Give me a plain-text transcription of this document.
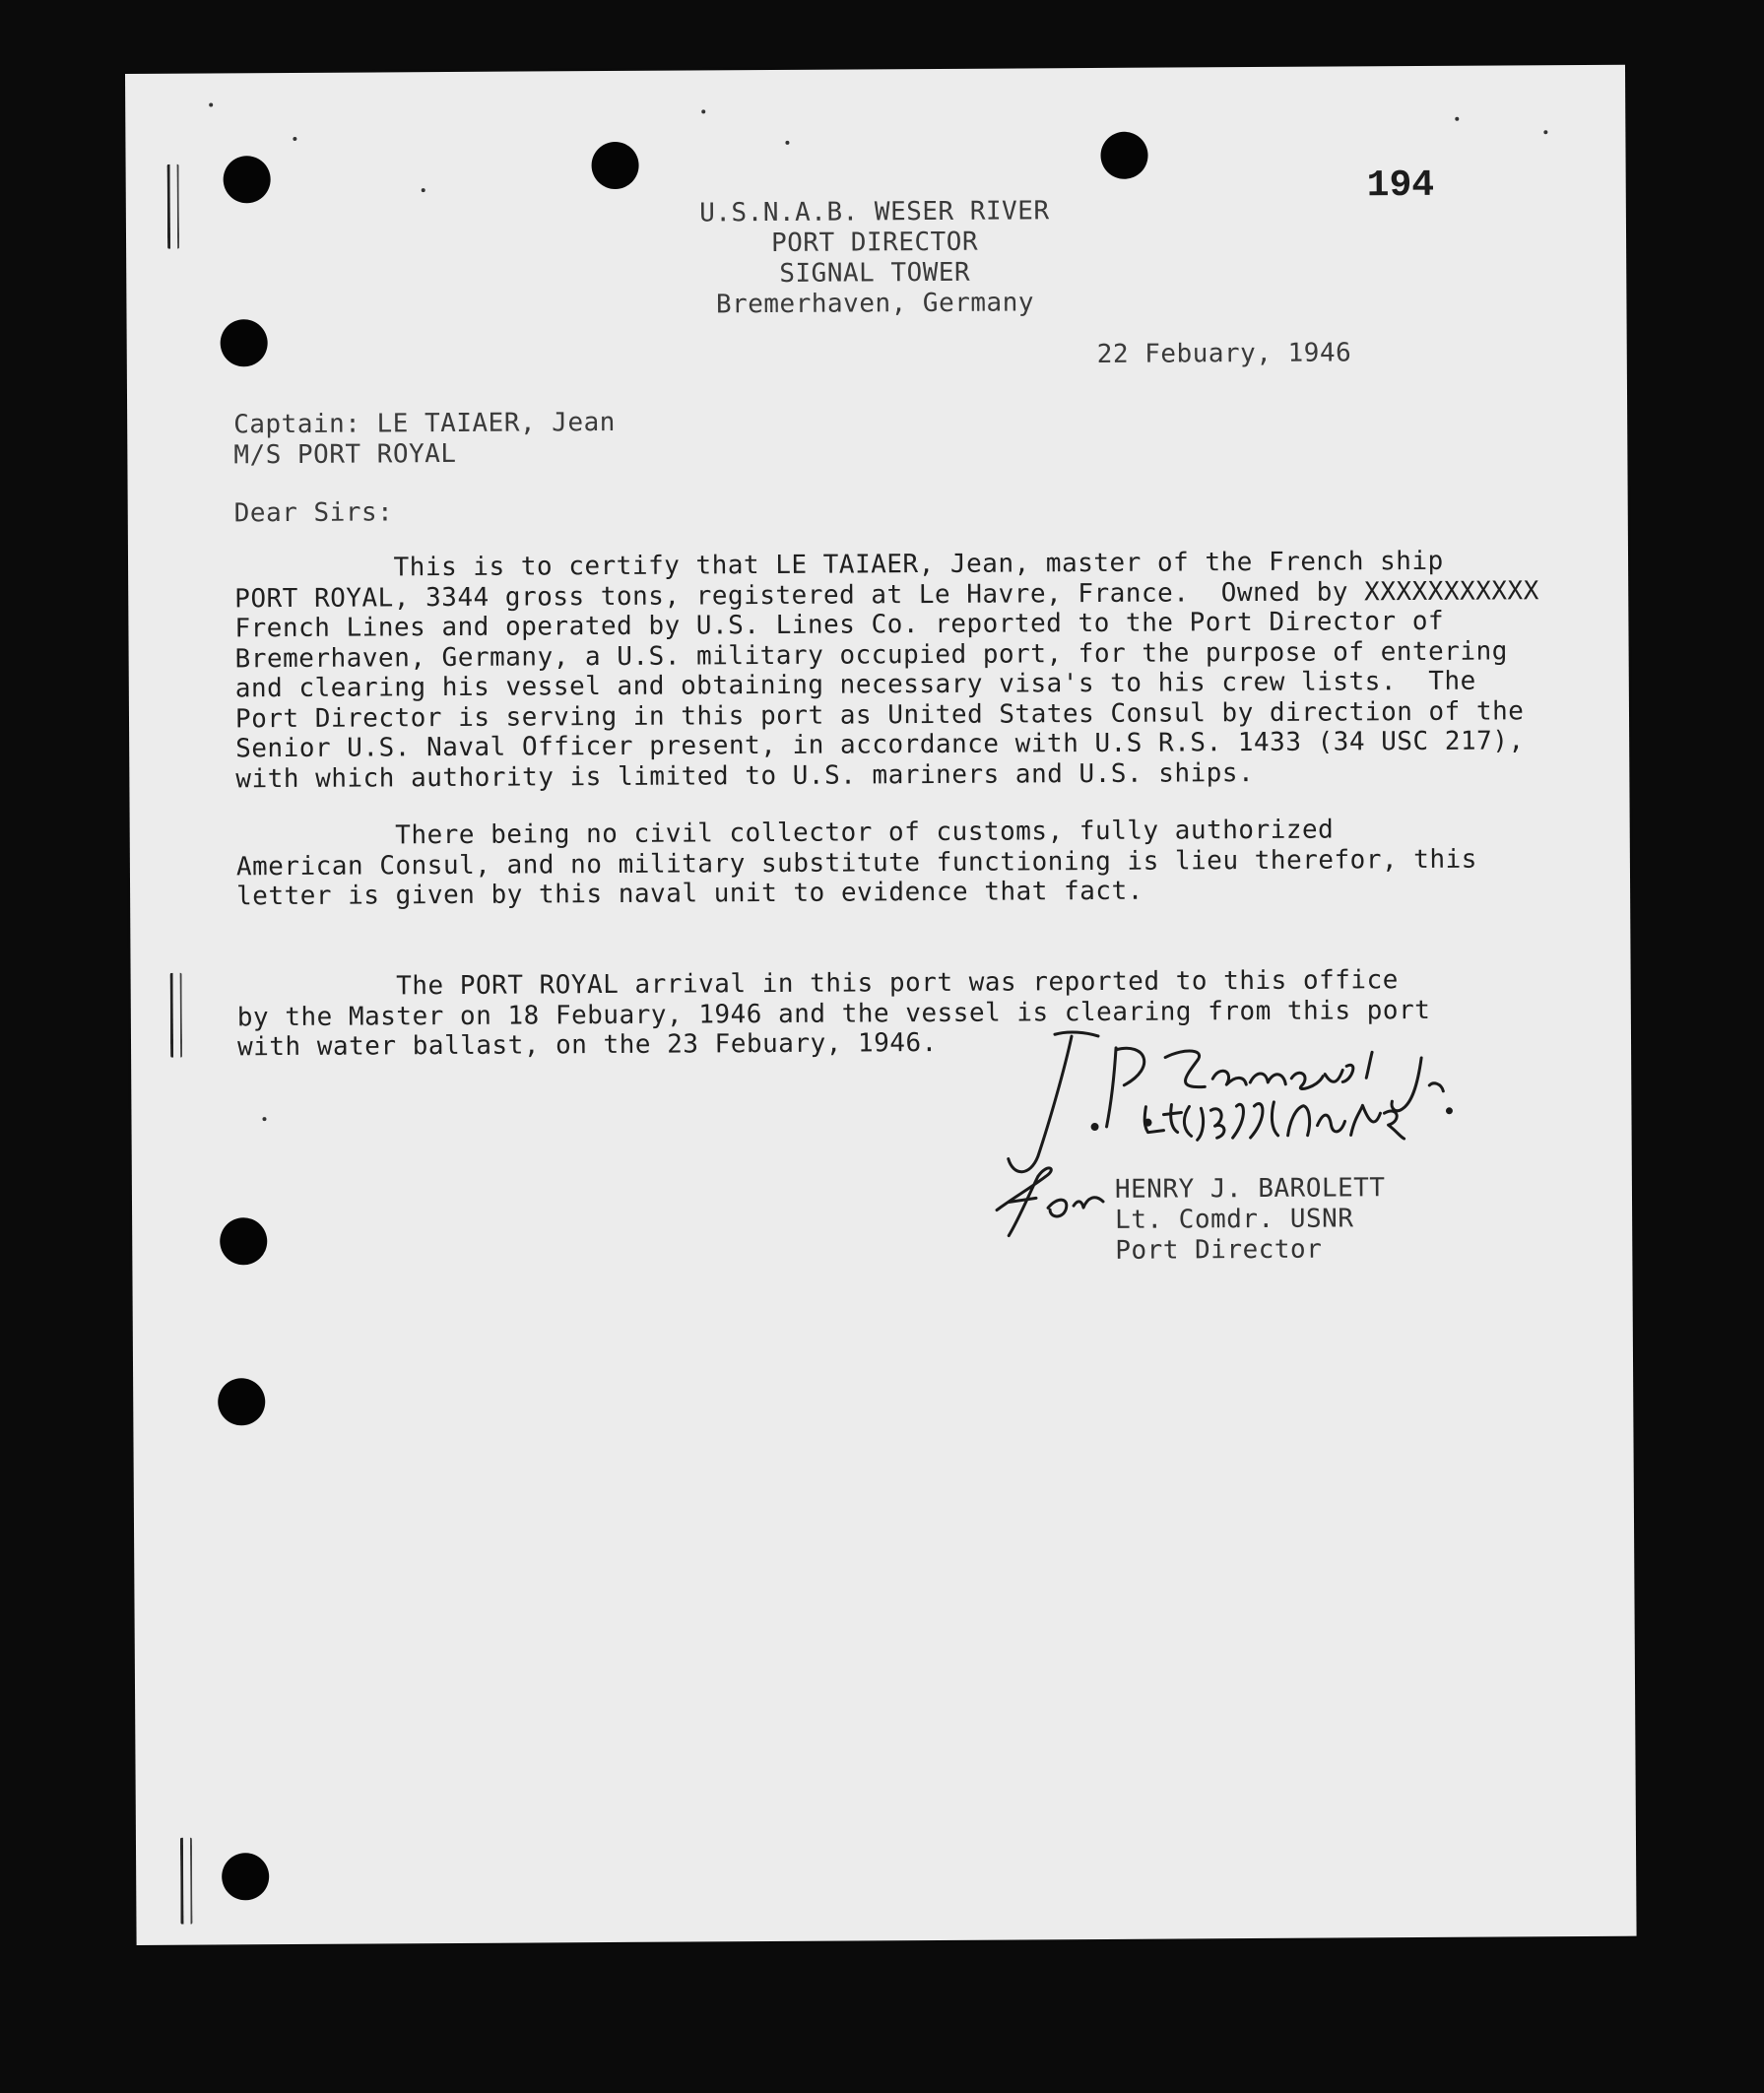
194
U.S.N.A.B. WESER RIVER
PORT DIRECTOR
SIGNAL TOWER
Bremerhaven, Germany
22 Febuary, 1946
Captain: LE TAIAER, Jean
M/S PORT ROYAL
Dear Sirs:
This is to certify that LE TAIAER, Jean, master of the French ship
PORT ROYAL, 3344 gross tons, registered at Le Havre, France.  Owned by XXXXXXXXXXX
French Lines and operated by U.S. Lines Co. reported to the Port Director of
Bremerhaven, Germany, a U.S. military occupied port, for the purpose of entering
and clearing his vessel and obtaining necessary visa's to his crew lists.  The
Port Director is serving in this port as United States Consul by direction of the
Senior U.S. Naval Officer present, in accordance with U.S R.S. 1433 (34 USC 217),
with which authority is limited to U.S. mariners and U.S. ships.
There being no civil collector of customs, fully authorized
American Consul, and no military substitute functioning is lieu therefor, this
letter is given by this naval unit to evidence that fact.
The PORT ROYAL arrival in this port was reported to this office
by the Master on 18 Febuary, 1946 and the vessel is clearing from this port
with water ballast, on the 23 Febuary, 1946.
HENRY J. BAROLETT
Lt. Comdr. USNR
Port Director
